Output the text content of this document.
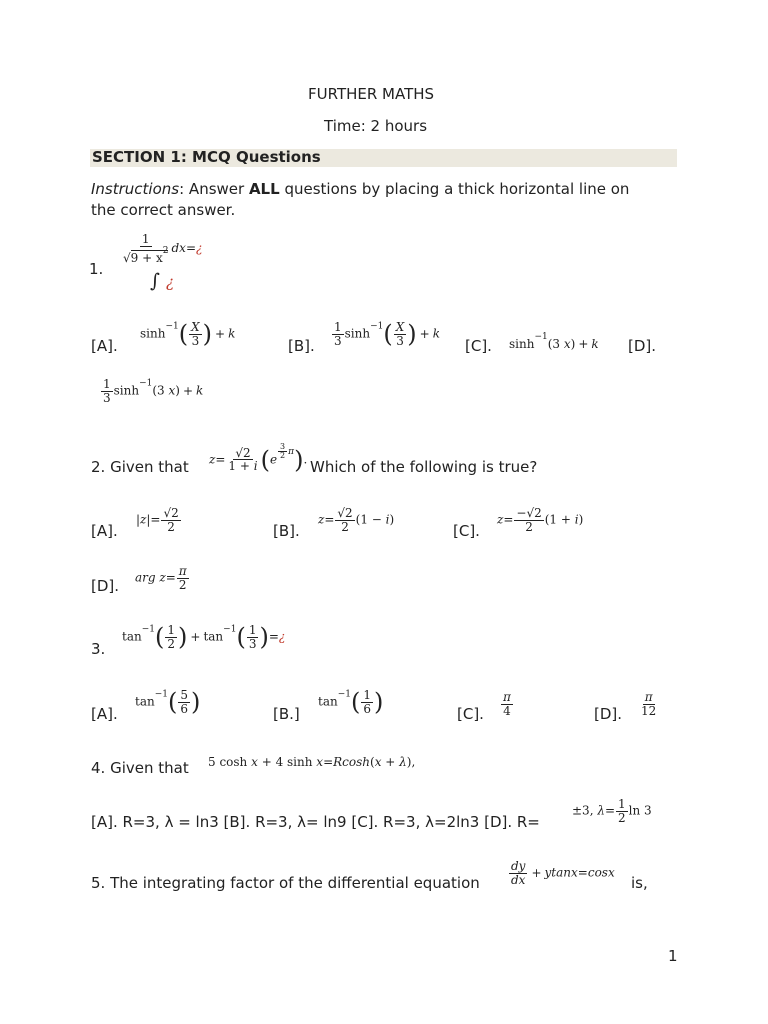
FURTHER MATHS
Time: 2 hours
SECTION 1: MCQ Questions
Instructions: Answer ALL questions by placing a thick horizontal line on
the correct answer.
$\frac{1}{√9 + x^2}$ dx=¿
1.
∫ ¿
[A].
$\sinh^{-1}( \frac{X}{3}$ ) + k
[B]. $\frac{1}{3} \sinh^{-1}( \frac{X}{3}$ ) + k
[C]. $\sinh^{-1}(3$ x) + k [D].
$\frac{1}{3} \sinh^{-1}(3$ x) + k
2. Given that $z= \frac{√2}{1 + i} (e$ $^{\frac{3}{2} \pi}$). Which of the following is true?
[A].
$|z|= \frac{√2}{2}$	[B].
$z= \frac{√2}{2} (1 - i)$
[C].
$z= \frac{-√2}{2} (1 + i)$
[D]. arg $z= \frac{\pi}{2}$
3.
$\tan^{-1}( \frac{1}{2}$ ) + $\tan^{-1}( \frac{1}{3}$ )=¿
[A].
$\tan^{-1}( \frac{5}{6}$ )	[B.]
$\tan^{-1}( \frac{1}{6}$ )	[C]. $\frac{\pi}{4}$	[D]. $\frac{\pi}{12}$
4. Given that 5 cosh x + 4 sinh x=Rcosh(x + λ),
[A]. R=3, λ = ln3 [B]. R=3, λ= ln9 [C]. R=3, λ=2ln3 [D]. R=
±3, $\lambda= \frac{1}{2}$ ln 3
5. The integrating factor of the differential equation $\frac{dy}{dx} + ytanx=\cos x$
is,
1
